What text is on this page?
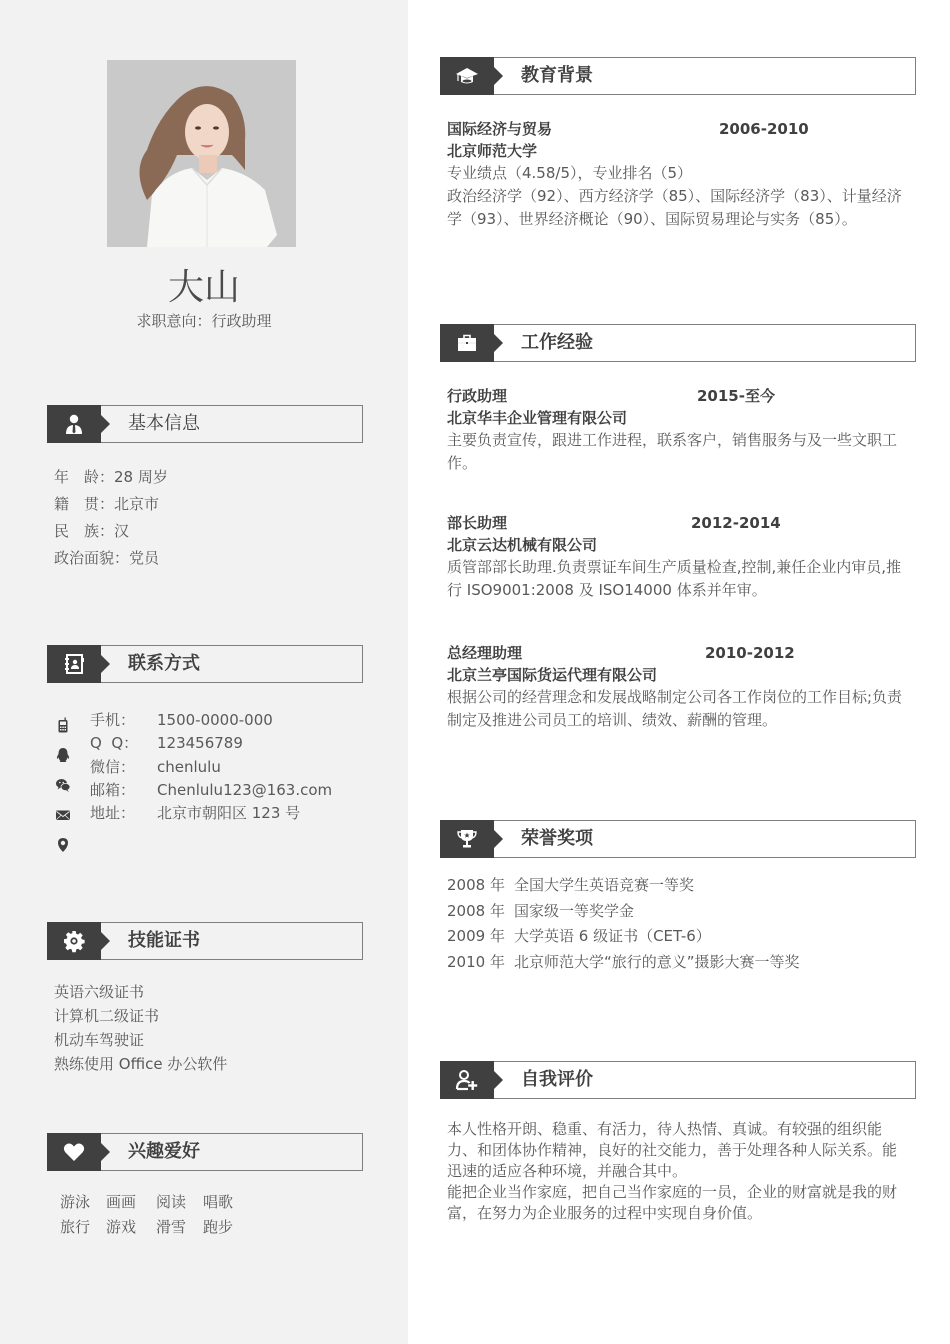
大山
求职意向：行政助理
基本信息
年　龄：28 周岁
籍　贯：北京市
民　族：汉
政治面貌：党员
联系方式
手机： 1500-0000-000
Q  Q： 123456789
微信： chenlulu
邮箱： Chenlulu123@163.com
地址： 北京市朝阳区 123 号
技能证书
英语六级证书
计算机二级证书
机动车驾驶证
熟练使用 Office 办公软件
兴趣爱好
游泳 画画 阅读 唱歌
旅行 游戏 滑雪 跑步
教育背景
国际经济与贸易	2006-2010
北京师范大学
专业绩点（4.58/5），专业排名（5）
政治经济学（92）、西方经济学（85）、国际经济学（83）、计量经济学（93）、世界经济概论（90）、国际贸易理论与实务（85）。
工作经验
行政助理	2015-至今
北京华丰企业管理有限公司
主要负责宣传，跟进工作进程，联系客户，销售服务与及一些文职工作。
部长助理	2012-2014
北京云达机械有限公司
质管部部长助理.负责票证车间生产质量检查,控制,兼任企业内审员,推行 ISO9001:2008 及 ISO14000 体系并年审。
总经理助理	2010-2012
北京兰亭国际货运代理有限公司
根据公司的经营理念和发展战略制定公司各工作岗位的工作目标;负责制定及推进公司员工的培训、绩效、薪酬的管理。
荣誉奖项
2008 年 全国大学生英语竞赛一等奖
2008 年 国家级一等奖学金
2009 年 大学英语 6 级证书（CET-6）
2010 年 北京师范大学“旅行的意义”摄影大赛一等奖
自我评价
本人性格开朗、稳重、有活力，待人热情、真诚。有较强的组织能力、和团体协作精神，良好的社交能力，善于处理各种人际关系。能迅速的适应各种环境，并融合其中。
能把企业当作家庭，把自己当作家庭的一员，企业的财富就是我的财富，在努力为企业服务的过程中实现自身价值。
